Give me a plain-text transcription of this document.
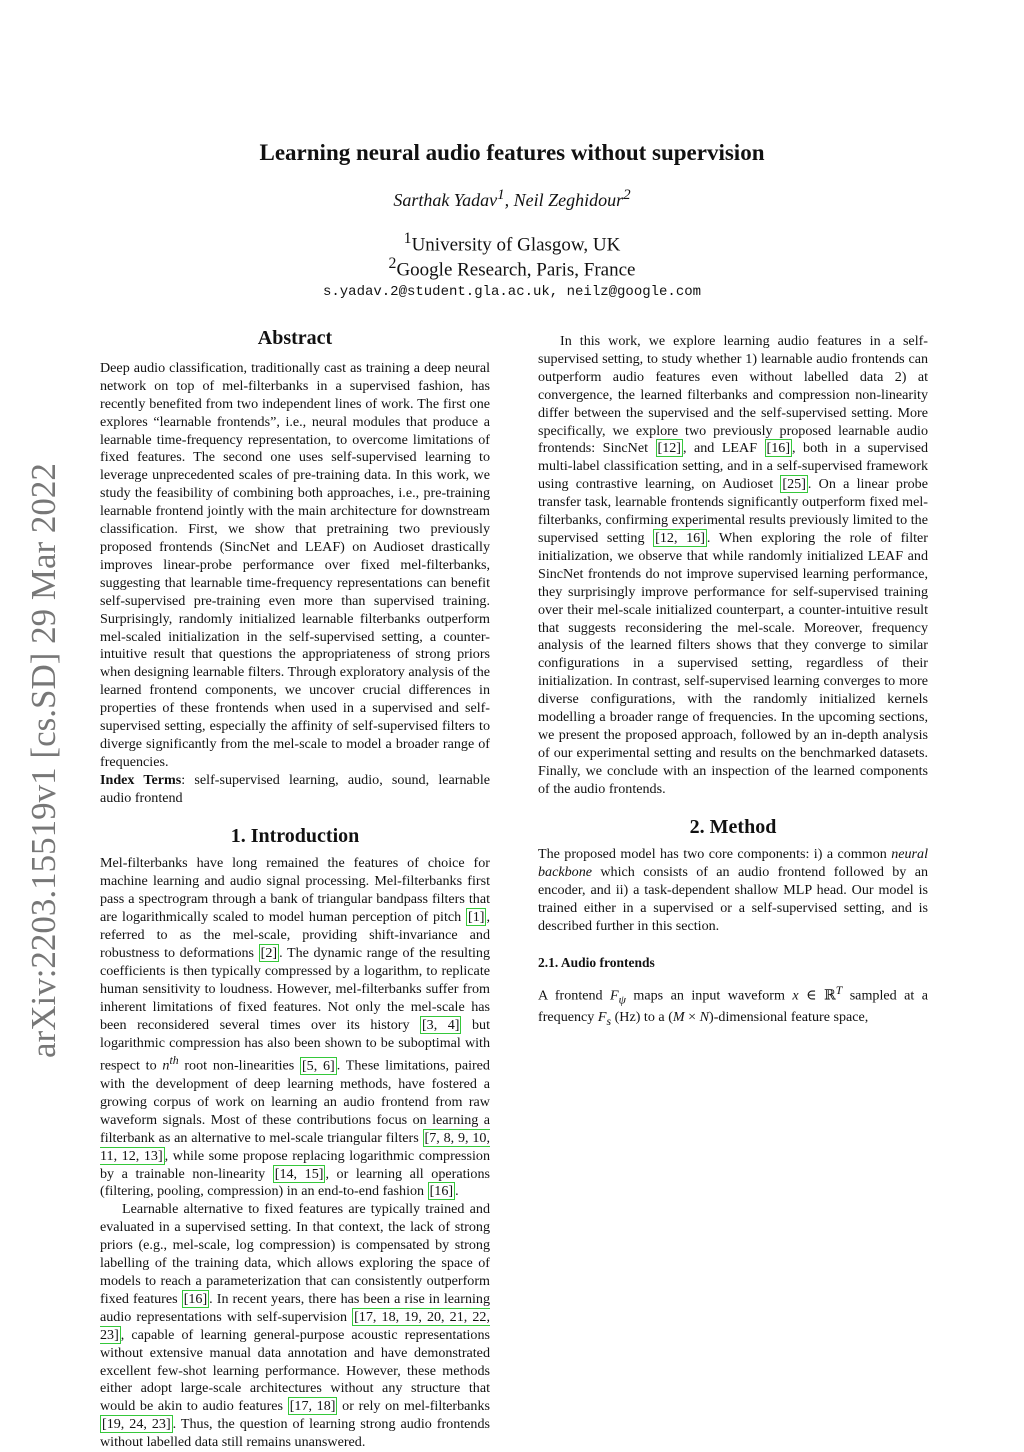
arXiv:2203.15519v1 [cs.SD] 29 Mar 2022
Learning neural audio features without supervision
Sarthak Yadav$^1$, Neil Zeghidour$^2$
$^1$University of Glasgow, UK
$^2$Google Research, Paris, France
s.yadav.2@student.gla.ac.uk, neilz@google.com

Abstract

Deep audio classification, traditionally cast as training a deep neural network on top of mel-filterbanks in a supervised fashion, has recently benefited from two independent lines of work. The first one explores “learnable frontends”, i.e., neural modules that produce a learnable time-frequency representation, to overcome limitations of fixed features. The second one uses self-supervised learning to leverage unprecedented scales of pre-training data. In this work, we study the feasibility of combining both approaches, i.e., pre-training learnable frontend jointly with the main architecture for downstream classification. First, we show that pretraining two previously proposed frontends (SincNet and LEAF) on Audioset drastically improves linear-probe performance over fixed mel-filterbanks, suggesting that learnable time-frequency representations can benefit self-supervised pre-training even more than supervised training. Surprisingly, randomly initialized learnable filterbanks outperform mel-scaled initialization in the self-supervised setting, a counter-intuitive result that questions the appropriateness of strong priors when designing learnable filters. Through exploratory analysis of the learned frontend components, we uncover crucial differences in properties of these frontends when used in a supervised and self-supervised setting, especially the affinity of self-supervised filters to diverge significantly from the mel-scale to model a broader range of frequencies.

Index Terms: self-supervised learning, audio, sound, learnable audio frontend

1. Introduction

Mel-filterbanks have long remained the features of choice for machine learning and audio signal processing. Mel-filterbanks first pass a spectrogram through a bank of triangular bandpass filters that are logarithmically scaled to model human perception of pitch [1] , referred to as the mel-scale, providing shift-invariance and robustness to deformations [2] . The dynamic range of the resulting coefficients is then typically compressed by a logarithm, to replicate human sensitivity to loudness. However, mel-filterbanks suffer from inherent limitations of fixed features. Not only the mel-scale has been reconsidered several times over its history [3, 4] but logarithmic compression has also been shown to be suboptimal with respect to $n^{th}$ root non-linearities [5, 6] . These limitations, paired with the development of deep learning methods, have fostered a growing corpus of work on learning an audio frontend from raw waveform signals. Most of these contributions focus on learning a filterbank as an alternative to mel-scale triangular filters [7, 8, 9, 10, 11, 12, 13] , while some propose replacing logarithmic compression by a trainable non-linearity [14, 15] , or learning all operations (filtering, pooling, compression) in an end-to-end fashion [16] .

Learnable alternative to fixed features are typically trained and evaluated in a supervised setting. In that context, the lack of strong priors (e.g., mel-scale, log compression) is compensated by strong labelling of the training data, which allows exploring the space of models to reach a parameterization that can consistently outperform fixed features [16] . In recent years, there has been a rise in learning audio representations with self-supervision [17, 18, 19, 20, 21, 22, 23] , capable of learning general-purpose acoustic representations without extensive manual data annotation and have demonstrated excellent few-shot learning performance. However, these methods either adopt large-scale architectures without any structure that would be akin to audio features [17, 18] or rely on mel-filterbanks [19, 24, 23] . Thus, the question of learning strong audio frontends without labelled data still remains unanswered.

In this work, we explore learning audio features in a self-supervised setting, to study whether 1) learnable audio frontends can outperform audio features even without labelled data 2) at convergence, the learned filterbanks and compression non-linearity differ between the supervised and the self-supervised setting. More specifically, we explore two previously proposed learnable audio frontends: SincNet [12] , and LEAF [16] , both in a supervised multi-label classification setting, and in a self-supervised framework using contrastive learning, on Audioset [25] . On a linear probe transfer task, learnable frontends significantly outperform fixed mel-filterbanks, confirming experimental results previously limited to the supervised setting [12, 16] . When exploring the role of filter initialization, we observe that while randomly initialized LEAF and SincNet frontends do not improve supervised learning performance, they surprisingly improve performance for self-supervised training over their mel-scale initialized counterpart, a counter-intuitive result that suggests reconsidering the mel-scale. Moreover, frequency analysis of the learned filters shows that they converge to similar configurations in a supervised setting, regardless of their initialization. In contrast, self-supervised learning converges to more diverse configurations, with the randomly initialized kernels modelling a broader range of frequencies. In the upcoming sections, we present the proposed approach, followed by an in-depth analysis of our experimental setting and results on the benchmarked datasets. Finally, we conclude with an inspection of the learned components of the audio frontends.

2. Method

The proposed model has two core components: i) a common neural backbone which consists of an audio frontend followed by an encoder, and ii) a task-dependent shallow MLP head. Our model is trained either in a supervised or a self-supervised setting, and is described further in this section.

2.1. Audio frontends

A frontend $F_\psi$ maps an input waveform x ∈ ℝ$^T$ sampled at a frequency $F_s$ (Hz) to a (M × N)-dimensional feature space,
